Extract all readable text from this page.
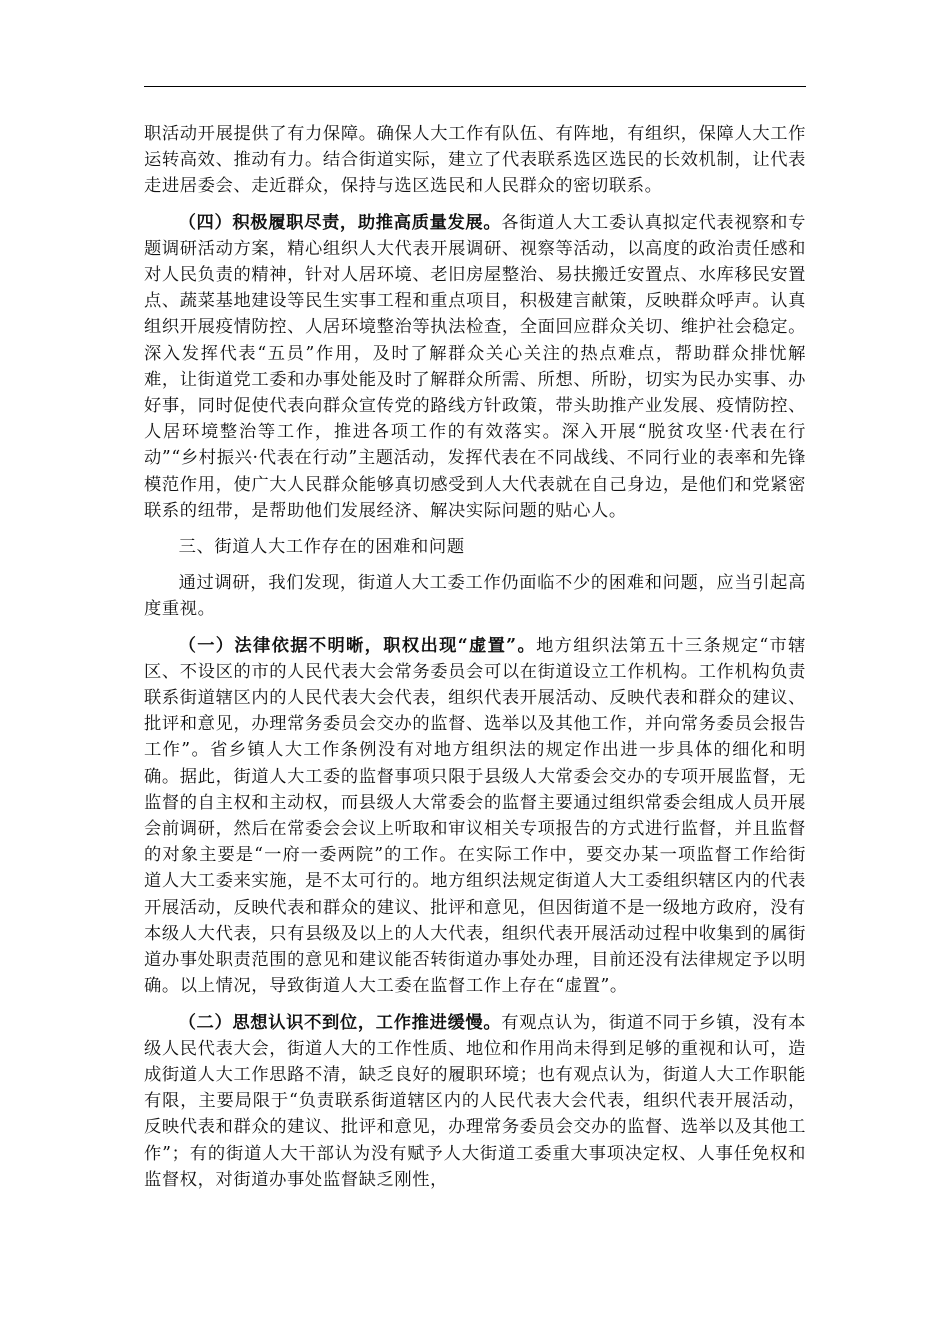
职活动开展提供了有力保障。确保人大工作有队伍、有阵地，有组织，保障人大工作运转高效、推动有力。结合街道实际，建立了代表联系选区选民的长效机制，让代表走进居委会、走近群众，保持与选区选民和人民群众的密切联系。

（四）积极履职尽责，助推高质量发展。各街道人大工委认真拟定代表视察和专题调研活动方案，精心组织人大代表开展调研、视察等活动，以高度的政治责任感和对人民负责的精神，针对人居环境、老旧房屋整治、易扶搬迁安置点、水库移民安置点、蔬菜基地建设等民生实事工程和重点项目，积极建言献策，反映群众呼声。认真组织开展疫情防控、人居环境整治等执法检查，全面回应群众关切、维护社会稳定。深入发挥代表“五员”作用，及时了解群众关心关注的热点难点，帮助群众排忧解难，让街道党工委和办事处能及时了解群众所需、所想、所盼，切实为民办实事、办好事，同时促使代表向群众宣传党的路线方针政策，带头助推产业发展、疫情防控、人居环境整治等工作，推进各项工作的有效落实。深入开展“脱贫攻坚·代表在行动”“乡村振兴·代表在行动”主题活动，发挥代表在不同战线、不同行业的表率和先锋模范作用，使广大人民群众能够真切感受到人大代表就在自己身边，是他们和党紧密联系的纽带，是帮助他们发展经济、解决实际问题的贴心人。

三、街道人大工作存在的困难和问题

通过调研，我们发现，街道人大工委工作仍面临不少的困难和问题，应当引起高度重视。

（一）法律依据不明晰，职权出现“虚置”。地方组织法第五十三条规定“市辖区、不设区的市的人民代表大会常务委员会可以在街道设立工作机构。工作机构负责联系街道辖区内的人民代表大会代表，组织代表开展活动、反映代表和群众的建议、批评和意见，办理常务委员会交办的监督、选举以及其他工作，并向常务委员会报告工作”。省乡镇人大工作条例没有对地方组织法的规定作出进一步具体的细化和明确。据此，街道人大工委的监督事项只限于县级人大常委会交办的专项开展监督，无监督的自主权和主动权，而县级人大常委会的监督主要通过组织常委会组成人员开展会前调研，然后在常委会会议上听取和审议相关专项报告的方式进行监督，并且监督的对象主要是“一府一委两院”的工作。在实际工作中，要交办某一项监督工作给街道人大工委来实施，是不太可行的。地方组织法规定街道人大工委组织辖区内的代表开展活动，反映代表和群众的建议、批评和意见，但因街道不是一级地方政府，没有本级人大代表，只有县级及以上的人大代表，组织代表开展活动过程中收集到的属街道办事处职责范围的意见和建议能否转街道办事处办理，目前还没有法律规定予以明确。以上情况，导致街道人大工委在监督工作上存在“虚置”。

（二）思想认识不到位，工作推进缓慢。有观点认为，街道不同于乡镇，没有本级人民代表大会，街道人大的工作性质、地位和作用尚未得到足够的重视和认可，造成街道人大工作思路不清，缺乏良好的履职环境；也有观点认为，街道人大工作职能有限，主要局限于“负责联系街道辖区内的人民代表大会代表，组织代表开展活动，反映代表和群众的建议、批评和意见，办理常务委员会交办的监督、选举以及其他工作”；有的街道人大干部认为没有赋予人大街道工委重大事项决定权、人事任免权和监督权，对街道办事处监督缺乏刚性，
